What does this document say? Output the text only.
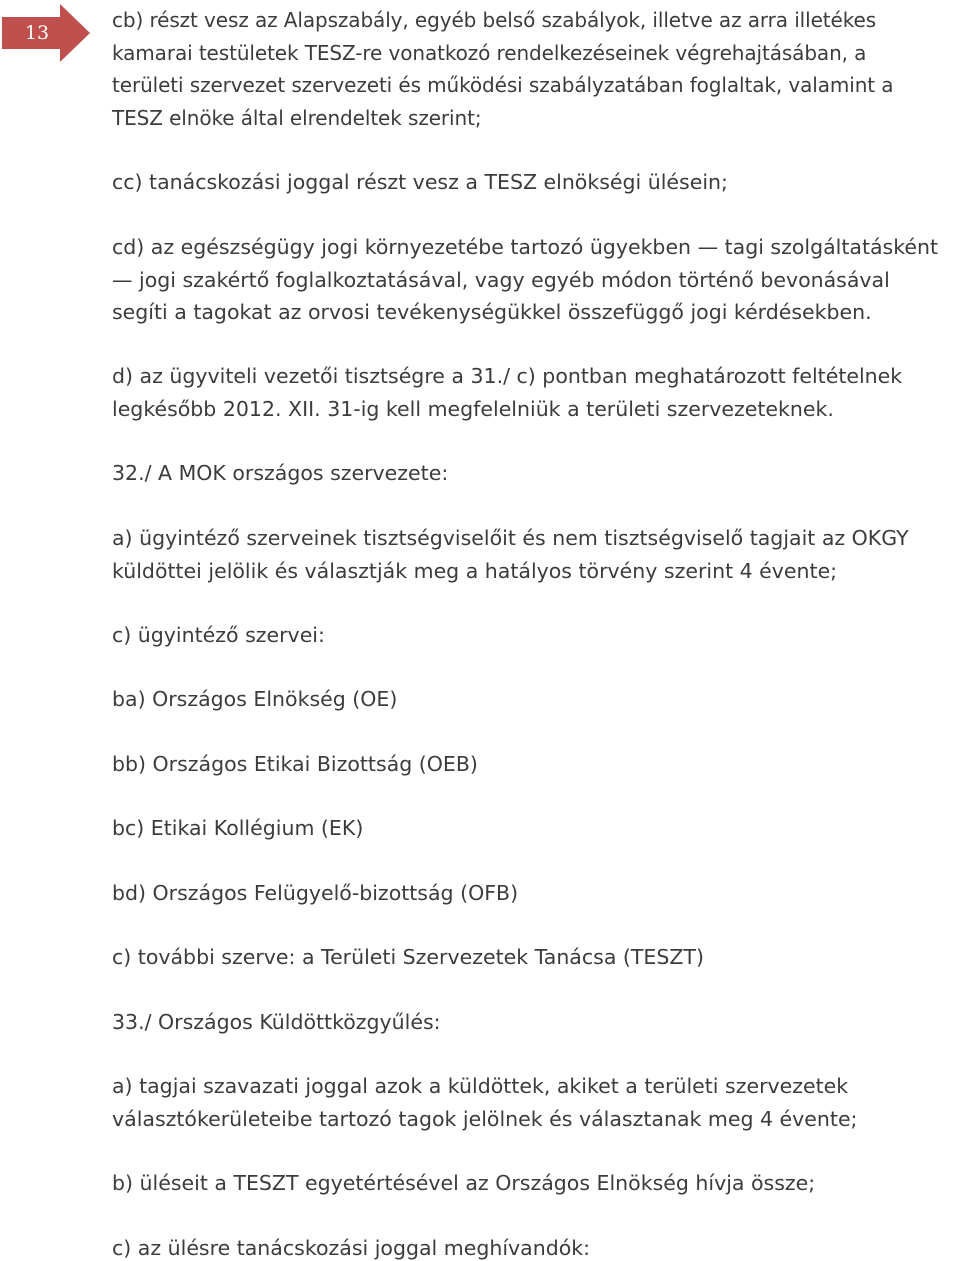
13
cb) részt vesz az Alapszabály, egyéb belső szabályok, illetve az arra illetékes
kamarai testületek TESZ-re vonatkozó rendelkezéseinek végrehajtásában, a
területi szervezet szervezeti és működési szabályzatában foglaltak, valamint a
TESZ elnöke által elrendeltek szerint;
cc) tanácskozási joggal részt vesz a TESZ elnökségi ülésein;
cd) az egészségügy jogi környezetébe tartozó ügyekben — tagi szolgáltatásként
— jogi szakértő foglalkoztatásával, vagy egyéb módon történő bevonásával
segíti a tagokat az orvosi tevékenységükkel összefüggő jogi kérdésekben.
d) az ügyviteli vezetői tisztségre a 31./ c) pontban meghatározott feltételnek
legkésőbb 2012. XII. 31-ig kell megfelelniük a területi szervezeteknek.
32./ A MOK országos szervezete:
a) ügyintéző szerveinek tisztségviselőit és nem tisztségviselő tagjait az OKGY
küldöttei jelölik és választják meg a hatályos törvény szerint 4 évente;
c) ügyintéző szervei:
ba) Országos Elnökség (OE)
bb) Országos Etikai Bizottság (OEB)
bc) Etikai Kollégium (EK)
bd) Országos Felügyelő-bizottság (OFB)
c) további szerve: a Területi Szervezetek Tanácsa (TESZT)
33./ Országos Küldöttközgyűlés:
a) tagjai szavazati joggal azok a küldöttek, akiket a területi szervezetek
választókerületeibe tartozó tagok jelölnek és választanak meg 4 évente;
b) üléseit a TESZT egyetértésével az Országos Elnökség hívja össze;
c) az ülésre tanácskozási joggal meghívandók:
